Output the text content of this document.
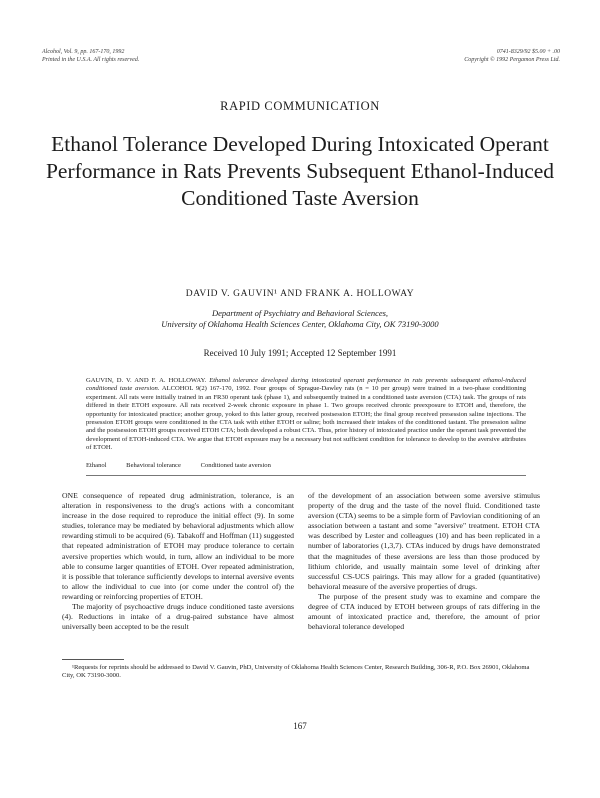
Alcohol, Vol. 9, pp. 167-170, 1992
Printed in the U.S.A. All rights reserved.
0741-8329/92 $5.00 + .00
Copyright © 1992 Pergamon Press Ltd.
RAPID COMMUNICATION
Ethanol Tolerance Developed During Intoxicated Operant Performance in Rats Prevents Subsequent Ethanol-Induced Conditioned Taste Aversion
DAVID V. GAUVIN¹ AND FRANK A. HOLLOWAY
Department of Psychiatry and Behavioral Sciences,
University of Oklahoma Health Sciences Center, Oklahoma City, OK 73190-3000
Received 10 July 1991; Accepted 12 September 1991
GAUVIN, D. V. AND F. A. HOLLOWAY. Ethanol tolerance developed during intoxicated operant performance in rats prevents subsequent ethanol-induced conditioned taste aversion. ALCOHOL 9(2) 167-170, 1992. Four groups of Sprague-Dawley rats (n = 10 per group) were trained in a two-phase conditioning experiment. All rats were initially trained in an FR30 operant task (phase 1), and subsequently trained in a conditioned taste aversion (CTA) task. The groups of rats differed in their ETOH exposure. All rats received 2-week chronic exposure in phase 1. Two groups received chronic preexposure to ETOH and, therefore, the opportunity for intoxicated practice; another group, yoked to this latter group, received postsession ETOH; the final group received presession saline injections. The presession ETOH groups were conditioned in the CTA task with either ETOH or saline; both increased their intakes of the conditioned tastant. The presession saline and the postsession ETOH groups received ETOH CTA; both developed a robust CTA. Thus, prior history of intoxicated practice under the operant task prevented the development of ETOH-induced CTA. We argue that ETOH exposure may be a necessary but not sufficient condition for tolerance to develop to the aversive attributes of ETOH.
Ethanol	Behavioral tolerance	Conditioned taste aversion

ONE consequence of repeated drug administration, tolerance, is an alteration in responsiveness to the drug's actions with a concomitant increase in the dose required to reproduce the initial effect (9). In some studies, tolerance may be mediated by behavioral adjustments which allow rewarding stimuli to be acquired (6). Tabakoff and Hoffman (11) suggested that repeated administration of ETOH may produce tolerance to certain aversive properties which would, in turn, allow an individual to be more able to consume larger quantities of ETOH. Over repeated administration, it is possible that tolerance sufficiently develops to internal aversive events to allow the individual to cue into (or come under the control of) the rewarding or reinforcing properties of ETOH.

The majority of psychoactive drugs induce conditioned taste aversions (4). Reductions in intake of a drug-paired substance have almost universally been accepted to be the result

of the development of an association between some aversive stimulus property of the drug and the taste of the novel fluid. Conditioned taste aversion (CTA) seems to be a simple form of Pavlovian conditioning of an association between a tastant and some "aversive" treatment. ETOH CTA was described by Lester and colleagues (10) and has been replicated in a number of laboratories (1,3,7). CTAs induced by drugs have demonstrated that the magnitudes of these aversions are less than those produced by lithium chloride, and usually maintain some level of drinking after successful CS-UCS pairings. This may allow for a graded (quantitative) behavioral measure of the aversive properties of drugs.

The purpose of the present study was to examine and compare the degree of CTA induced by ETOH between groups of rats differing in the amount of intoxicated practice and, therefore, the amount of prior behavioral tolerance developed

¹Requests for reprints should be addressed to David V. Gauvin, PhD, University of Oklahoma Health Sciences Center, Research Building, 306-R, P.O. Box 26901, Oklahoma City, OK 73190-3000.
167
